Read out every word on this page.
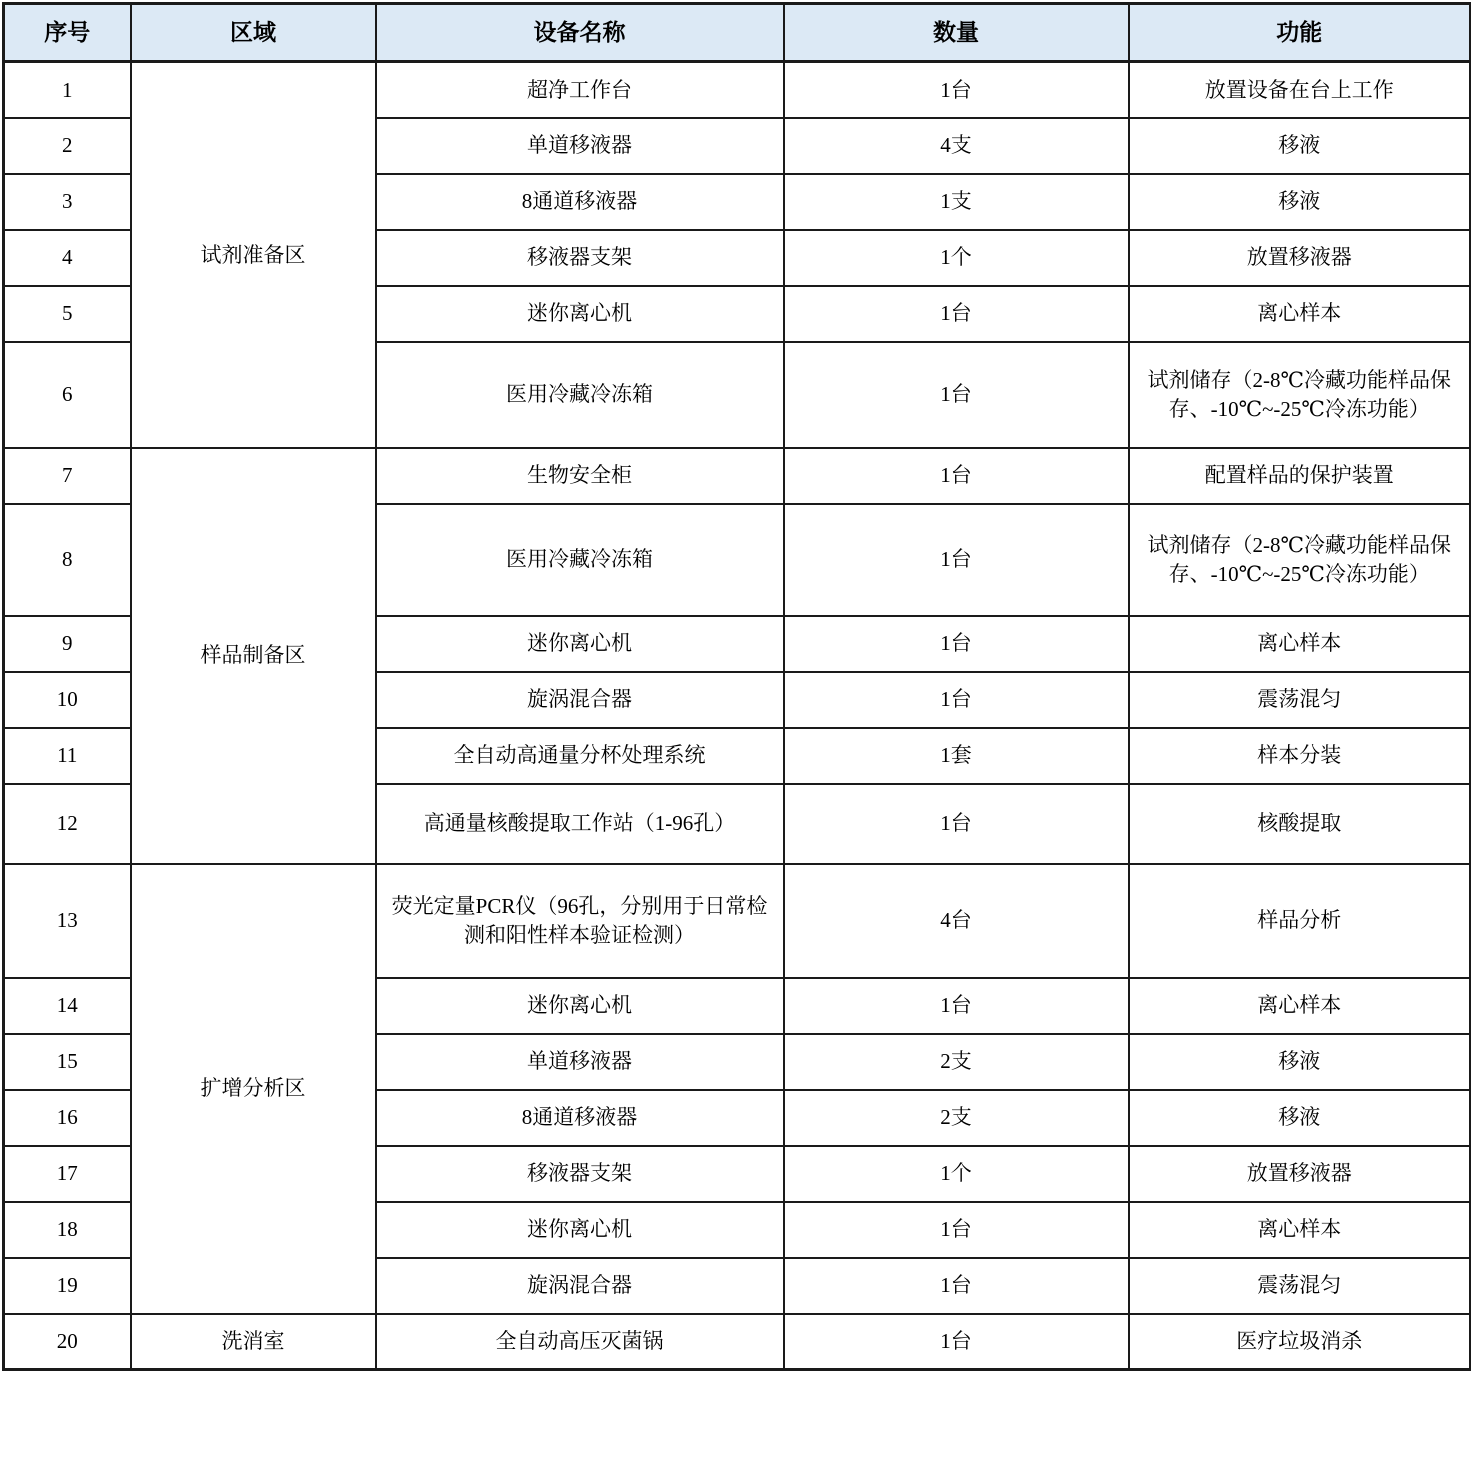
序号	区域	设备名称	数量	功能
1	试剂准备区	超净工作台	1台	放置设备在台上工作
2		单道移液器	4支	移液
3		8通道移液器	1支	移液
4		移液器支架	1个	放置移液器
5		迷你离心机	1台	离心样本
6		医用冷藏冷冻箱	1台	试剂储存（2-8℃冷藏功能样品保存、-10℃~-25℃冷冻功能）
7	样品制备区	生物安全柜	1台	配置样品的保护装置
8		医用冷藏冷冻箱	1台	试剂储存（2-8℃冷藏功能样品保存、-10℃~-25℃冷冻功能）
9		迷你离心机	1台	离心样本
10		旋涡混合器	1台	震荡混匀
11		全自动高通量分杯处理系统	1套	样本分装
12		高通量核酸提取工作站（1-96孔）	1台	核酸提取
13	扩增分析区	荧光定量PCR仪（96孔，分别用于日常检测和阳性样本验证检测）	4台	样品分析
14		迷你离心机	1台	离心样本
15		单道移液器	2支	移液
16		8通道移液器	2支	移液
17		移液器支架	1个	放置移液器
18		迷你离心机	1台	离心样本
19		旋涡混合器	1台	震荡混匀
20	洗消室	全自动高压灭菌锅	1台	医疗垃圾消杀
